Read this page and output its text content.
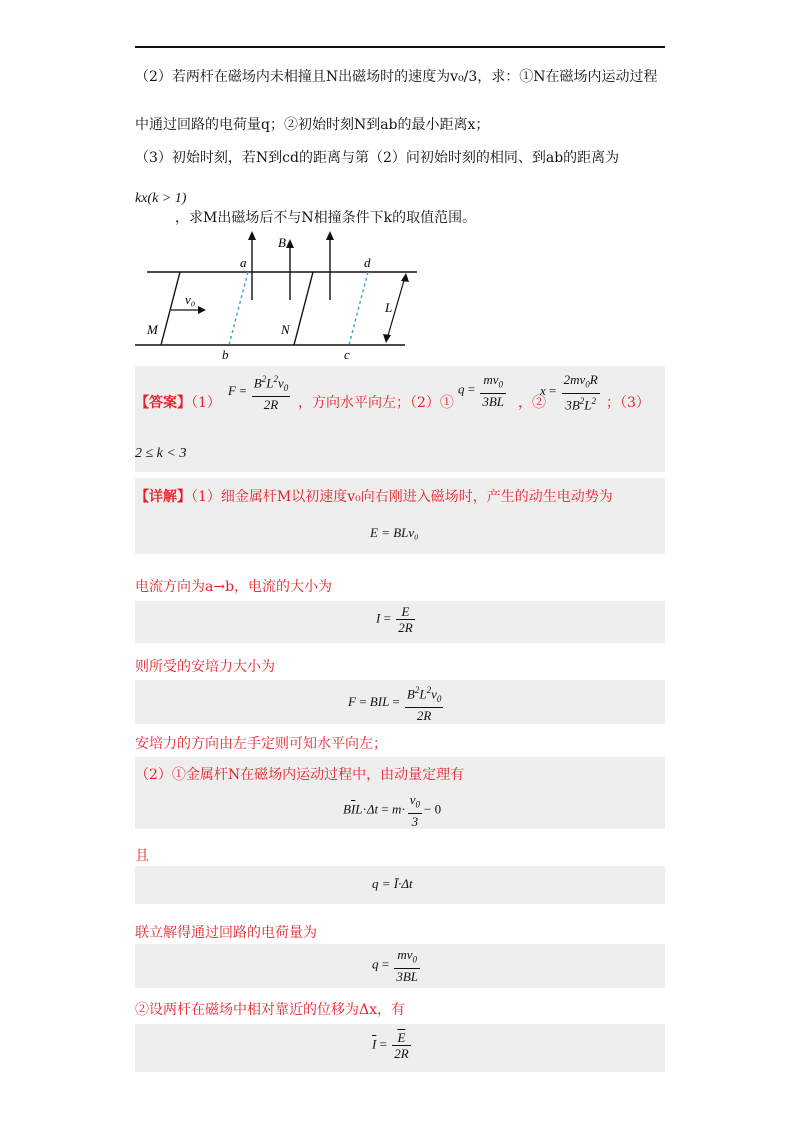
（2）若两杆在磁场内未相撞且N出磁场时的速度为v₀/3，求：①N在磁场内运动过程
中通过回路的电荷量q；②初始时刻N到ab的最小距离x；
（3）初始时刻，若N到cd的距离与第（2）问初始时刻的相同、到ab的距离为
kx(k > 1)
，求M出磁场后不与N相撞条件下k的取值范围。
a
b	c
d
B
M	N
L
v₀
【答案】（1）
$F = \frac{B^2L^2v_0}{2R}$ ，方向水平向左；（2）①
$q = \frac{mv_0}{3BL}$ ，②
$x = \frac{2mv_0R}{3B^2L^2}$ ；（3）
2 ≤ k < 3
【详解】（1）细金属杆M以初速度v₀向右刚进入磁场时，产生的动生电动势为
E = BLv₀
电流方向为a→b，电流的大小为
$I = \frac{E}{2R}$
则所受的安培力大小为
F = BIL = $\frac{B^2L^2v_0}{2R}$
安培力的方向由左手定则可知水平向左；
（2）①金属杆N在磁场内运动过程中，由动量定理有
$B\overline{I}L\cdot\Delta t = m\cdot \frac{v_0}{3} - 0$
且
q = Ī·Δt
联立解得通过回路的电荷量为
$q = \frac{mv_0}{3BL}$
②设两杆在磁场中相对靠近的位移为Δx，有
$\overline{I} = \frac{\overline{E}}{2R}$
